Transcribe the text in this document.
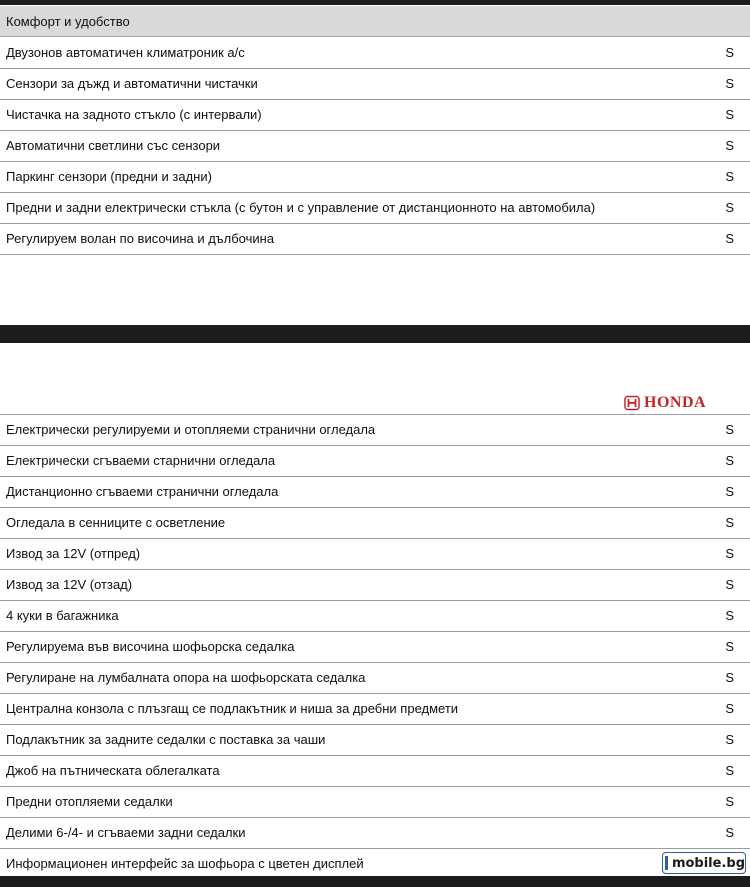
Комфорт и удобство
Двузонов автоматичен климатроник а/с	S
Сензори за дъжд и автоматични чистачки	S
Чистачка на задното стъкло (с интервали)	S
Автоматични светлини със сензори	S
Паркинг сензори (предни и задни)	S
Предни и задни електрически стъкла (с бутон и с управление от дистанционното на автомобила)	S
Регулируем волан по височина и дълбочина	S
HONDA
Електрически регулируеми и отопляеми странични огледала	S
Електрически сгъваеми старнични огледала	S
Дистанционно сгъваеми странични огледала	S
Огледала в сенниците с осветление	S
Извод за 12V (отпред)	S
Извод за 12V (отзад)	S
4 куки в багажника	S
Регулируема във височина шофьорска седалка	S
Регулиране на лумбалната опора на шофьорската седалка	S
Централна конзола с плъзгащ се подлакътник и ниша за дребни предмети	S
Подлакътник за задните седалки с поставка за чаши	S
Джоб на пътническата облегалката	S
Предни отопляеми седалки	S
Делими 6-/4- и сгъваеми задни седалки	S
Информационен интерфейс за шофьора с цветен дисплей	mobile.bg
